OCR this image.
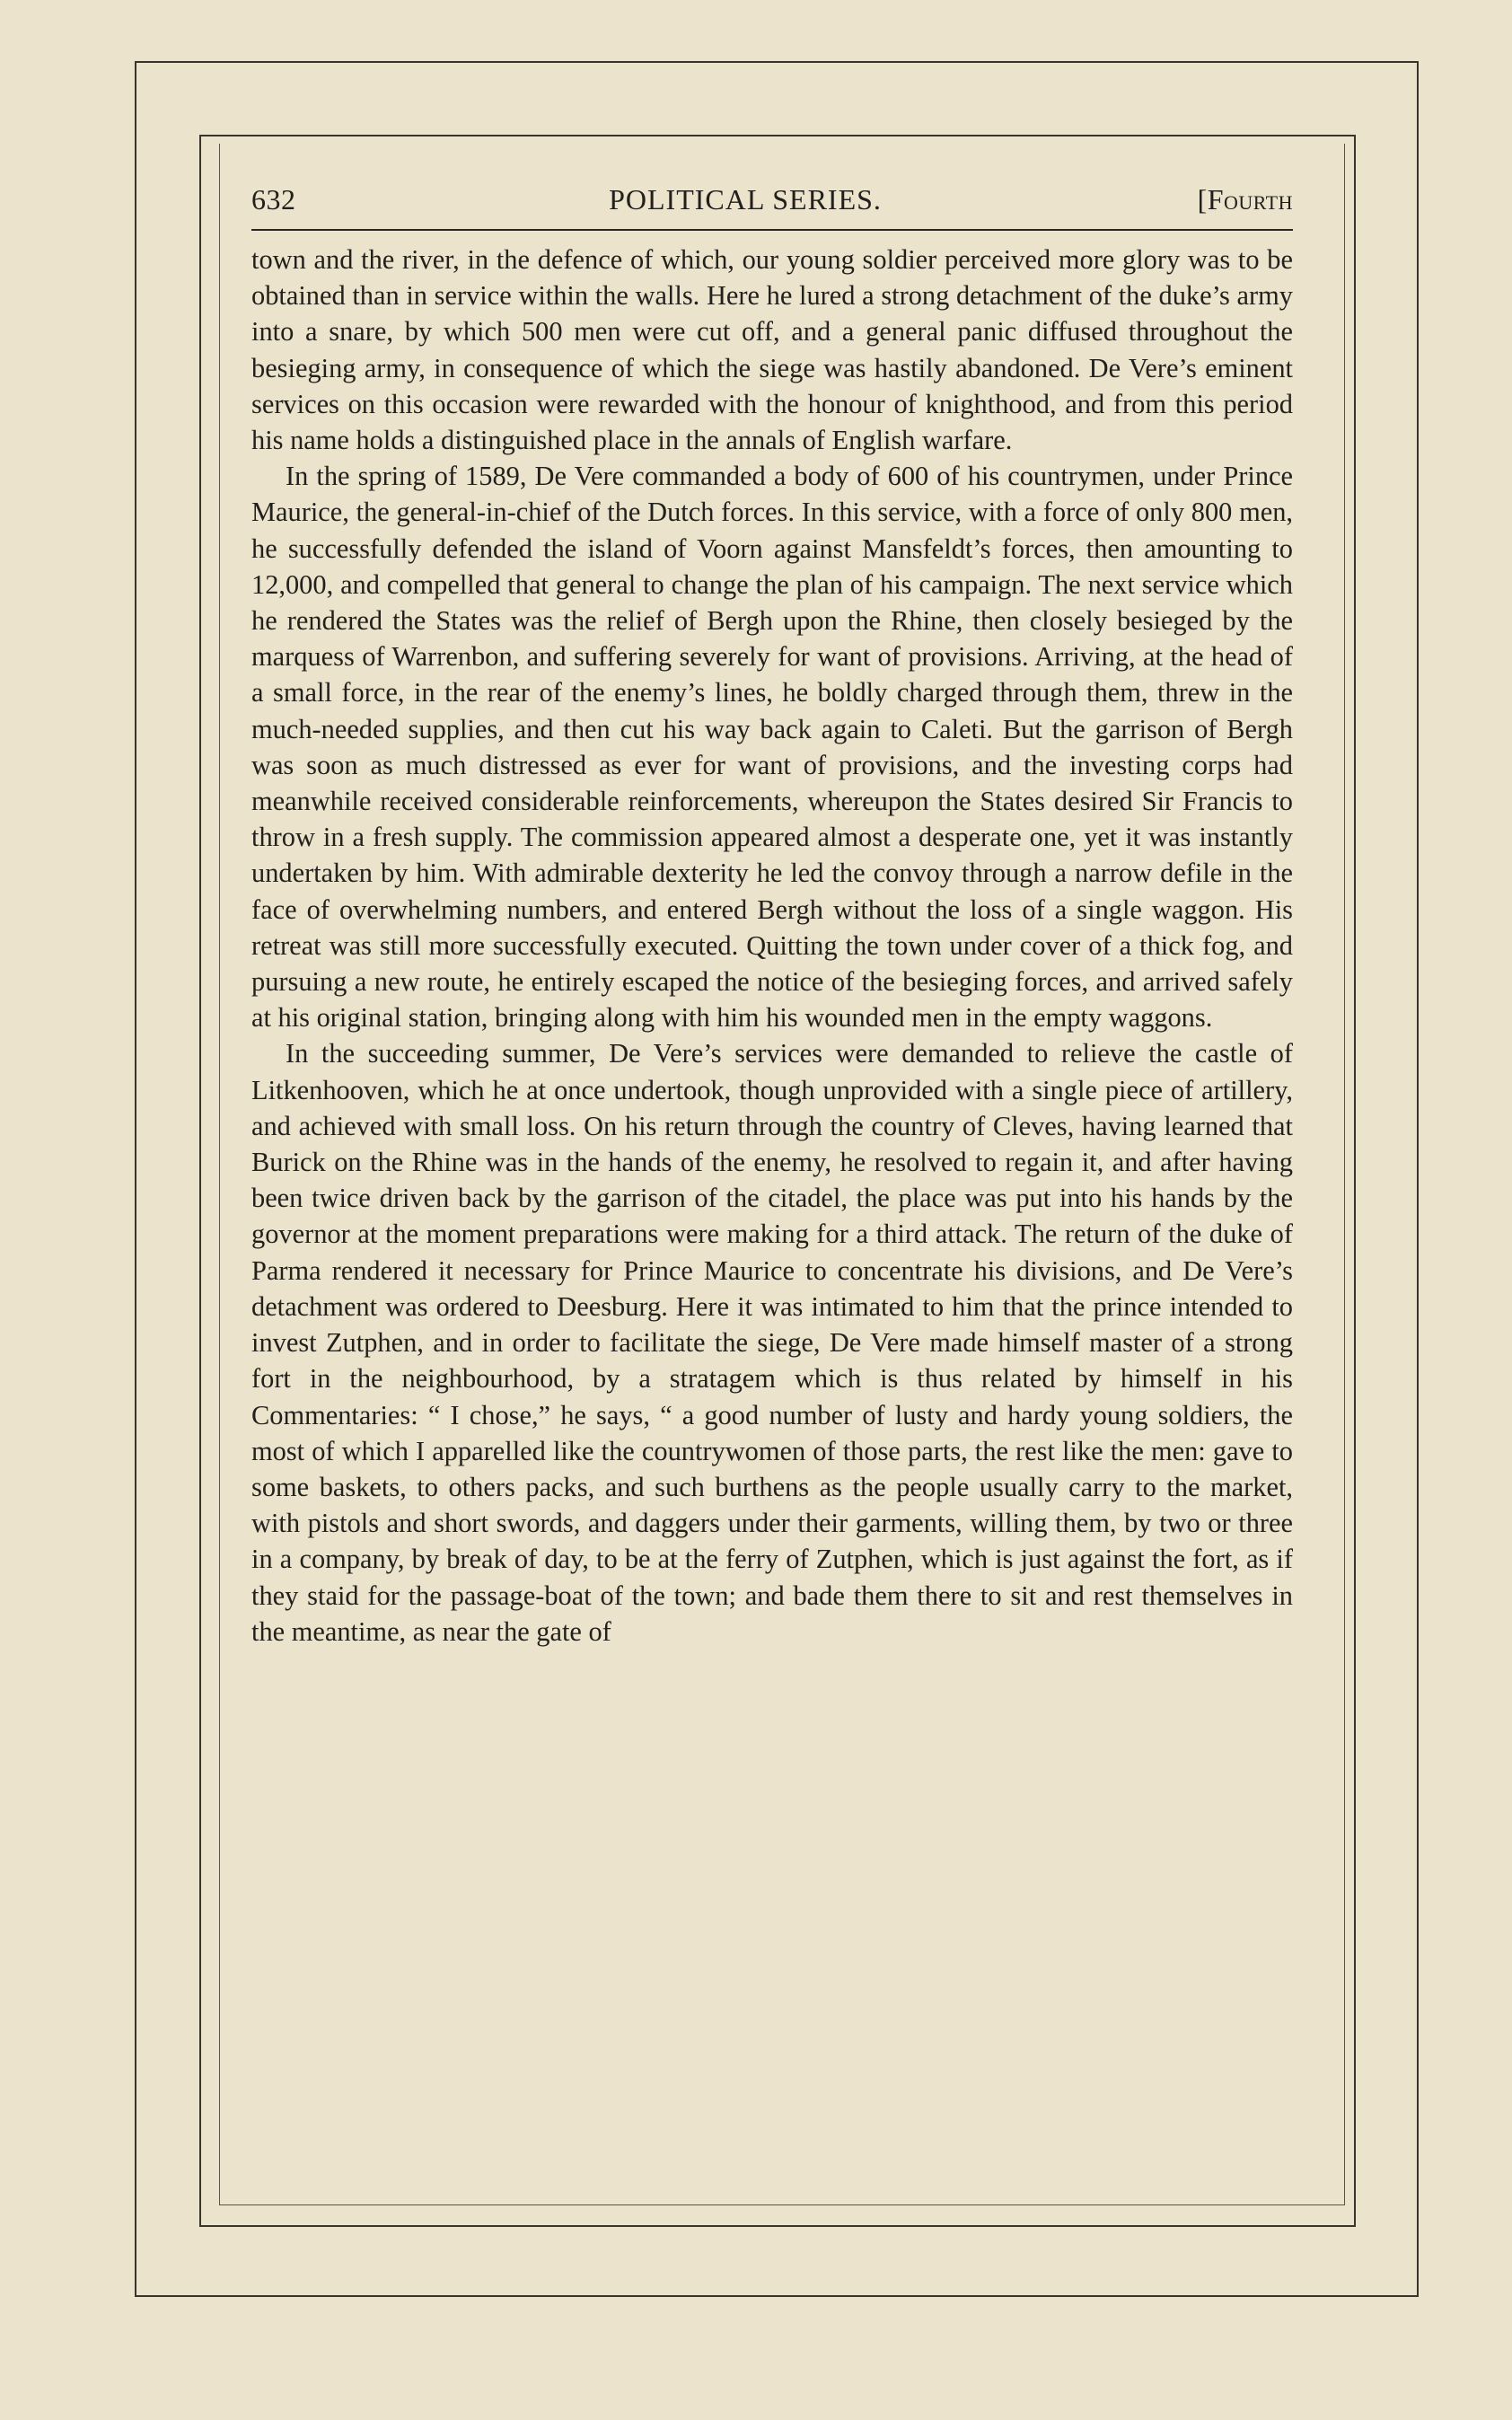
632	POLITICAL SERIES.	[Fourth

town and the river, in the defence of which, our young soldier perceived more glory was to be obtained than in service within the walls. Here he lured a strong detachment of the duke’s army into a snare, by which 500 men were cut off, and a general panic diffused throughout the besieging army, in consequence of which the siege was hastily abandoned. De Vere’s eminent services on this occasion were rewarded with the honour of knighthood, and from this period his name holds a distinguished place in the annals of English warfare.

In the spring of 1589, De Vere commanded a body of 600 of his countrymen, under Prince Maurice, the general-in-chief of the Dutch forces. In this service, with a force of only 800 men, he successfully defended the island of Voorn against Mansfeldt’s forces, then amounting to 12,000, and compelled that general to change the plan of his campaign. The next service which he rendered the States was the relief of Bergh upon the Rhine, then closely besieged by the marquess of Warrenbon, and suffering severely for want of provisions. Arriving, at the head of a small force, in the rear of the enemy’s lines, he boldly charged through them, threw in the much-needed supplies, and then cut his way back again to Caleti. But the garrison of Bergh was soon as much distressed as ever for want of provisions, and the investing corps had meanwhile received considerable reinforcements, whereupon the States desired Sir Francis to throw in a fresh supply. The commission appeared almost a desperate one, yet it was instantly undertaken by him. With admirable dexterity he led the convoy through a narrow defile in the face of overwhelming numbers, and entered Bergh without the loss of a single waggon. His retreat was still more successfully executed. Quitting the town under cover of a thick fog, and pursuing a new route, he entirely escaped the notice of the besieging forces, and arrived safely at his original station, bringing along with him his wounded men in the empty waggons.

In the succeeding summer, De Vere’s services were demanded to relieve the castle of Litkenhooven, which he at once undertook, though unprovided with a single piece of artillery, and achieved with small loss. On his return through the country of Cleves, having learned that Burick on the Rhine was in the hands of the enemy, he resolved to regain it, and after having been twice driven back by the garrison of the citadel, the place was put into his hands by the governor at the moment preparations were making for a third attack. The return of the duke of Parma rendered it necessary for Prince Maurice to concentrate his divisions, and De Vere’s detachment was ordered to Deesburg. Here it was intimated to him that the prince intended to invest Zutphen, and in order to facilitate the siege, De Vere made himself master of a strong fort in the neighbourhood, by a stratagem which is thus related by himself in his Commentaries: “ I chose,” he says, “ a good number of lusty and hardy young soldiers, the most of which I apparelled like the countrywomen of those parts, the rest like the men: gave to some baskets, to others packs, and such burthens as the people usually carry to the market, with pistols and short swords, and daggers under their garments, willing them, by two or three in a company, by break of day, to be at the ferry of Zutphen, which is just against the fort, as if they staid for the passage-boat of the town; and bade them there to sit and rest themselves in the meantime, as near the gate of
